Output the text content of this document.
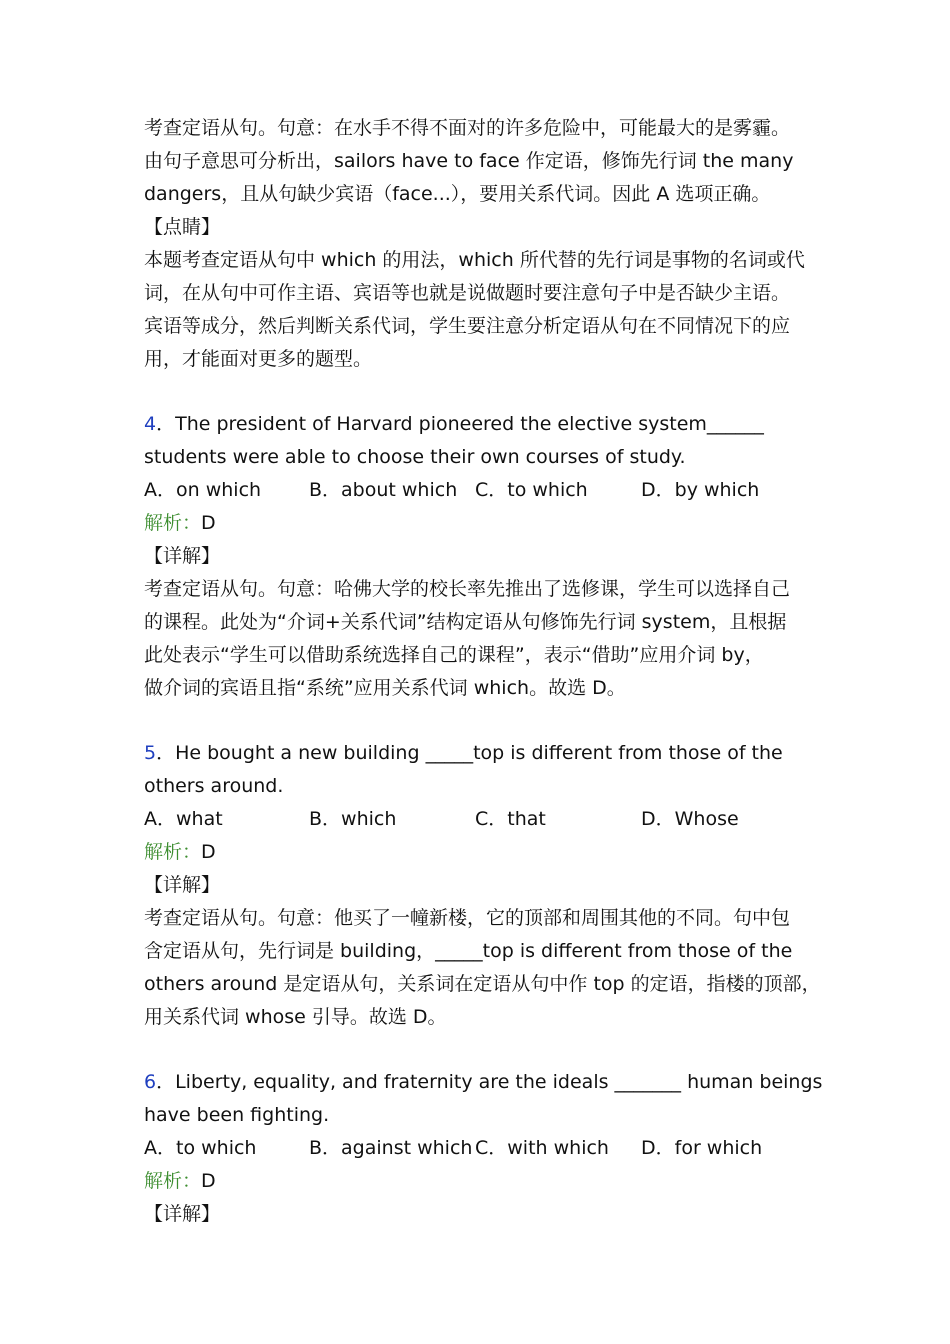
考查定语从句。句意：在水手不得不面对的许多危险中，可能最大的是雾霾。
由句子意思可分析出，sailors have to face 作定语，修饰先行词 the many
dangers，且从句缺少宾语（face...），要用关系代词。因此 A 选项正确。
【点睛】
本题考查定语从句中 which 的用法，which 所代替的先行词是事物的名词或代
词，在从句中可作主语、宾语等也就是说做题时要注意句子中是否缺少主语。
宾语等成分，然后判断关系代词，学生要注意分析定语从句在不同情况下的应
用，才能面对更多的题型。
4．The president of Harvard pioneered the elective system______
students were able to choose their own courses of study.
A．on which	B．about which C．to which	D．by which
解析：D
【详解】
考查定语从句。句意：哈佛大学的校长率先推出了选修课，学生可以选择自己
的课程。此处为“介词+关系代词”结构定语从句修饰先行词 system，且根据
此处表示“学生可以借助系统选择自己的课程”，表示“借助”应用介词 by，
做介词的宾语且指“系统”应用关系代词 which。故选 D。
5．He bought a new building _____top is different from those of the
others around.
A．what	B．which	C．that	D．Whose
解析：D
【详解】
考查定语从句。句意：他买了一幢新楼，它的顶部和周围其他的不同。句中包
含定语从句，先行词是 building，_____top is different from those of the
others around 是定语从句，关系词在定语从句中作 top 的定语，指楼的顶部，
用关系代词 whose 引导。故选 D。
6．Liberty, equality, and fraternity are the ideals _______ human beings
have been fighting.
A．to which	B．against which C．with which D．for which
解析：D
【详解】
